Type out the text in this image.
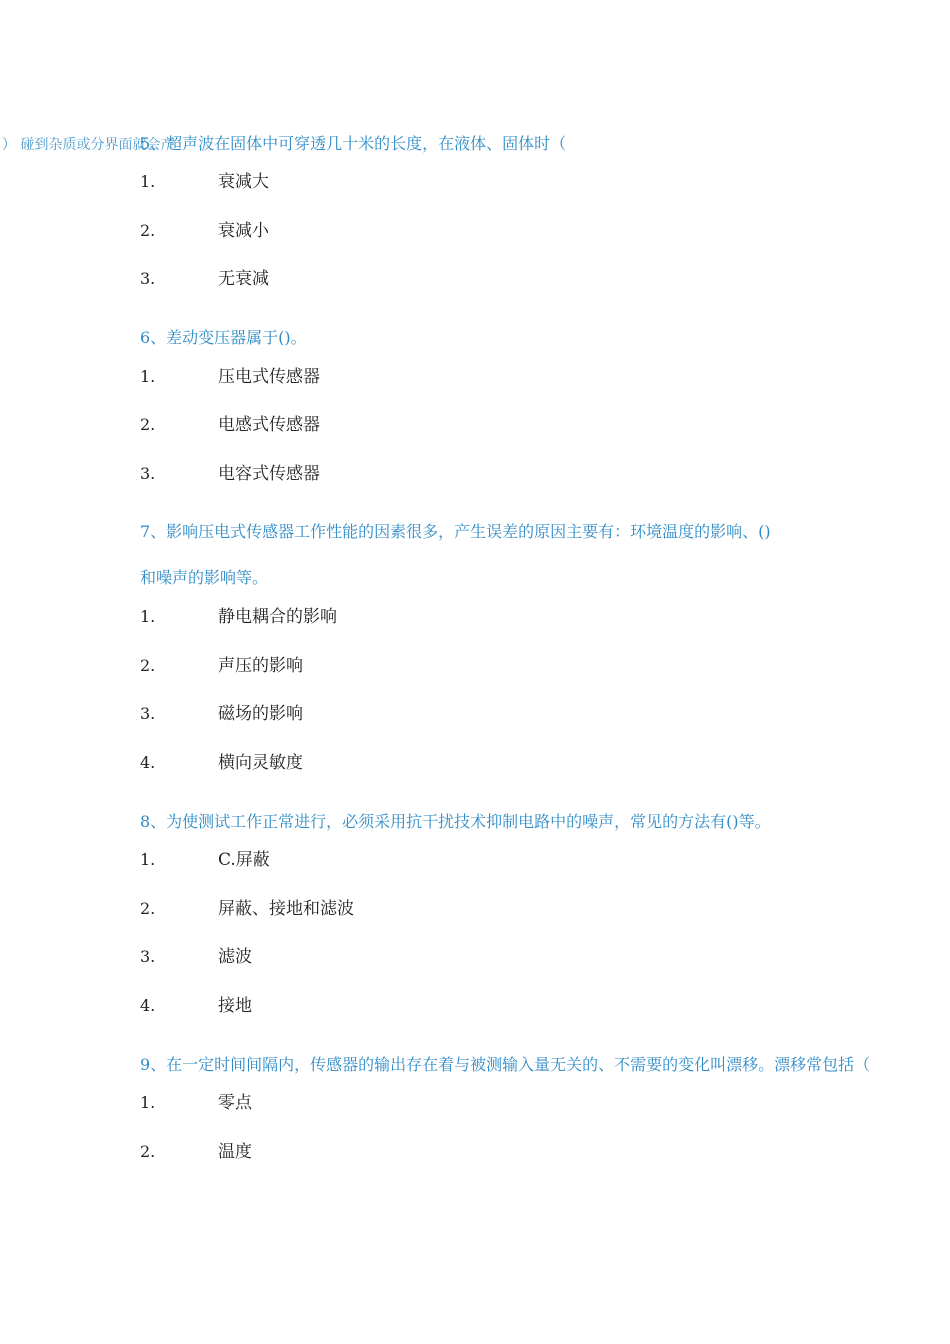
） 碰到杂质或分界面就会产
5、超声波在固体中可穿透几十米的长度，在液体、固体时（
1.	衰减大
2.	衰减小
3.	无衰减
6、差动变压器属于()。
1.	压电式传感器
2.	电感式传感器
3.	电容式传感器
7、影响压电式传感器工作性能的因素很多，产生误差的原因主要有：环境温度的影响、()
和噪声的影响等。
1.	静电耦合的影响
2.	声压的影响
3.	磁场的影响
4.	横向灵敏度
8、为使测试工作正常进行，必须采用抗干扰技术抑制电路中的噪声，常见的方法有()等。
1.	C.屏蔽
2.	屏蔽、接地和滤波
3.	滤波
4.	接地
9、在一定时间间隔内，传感器的输出存在着与被测输入量无关的、不需要的变化叫漂移。漂移常包括（
1.	零点
2.	温度
